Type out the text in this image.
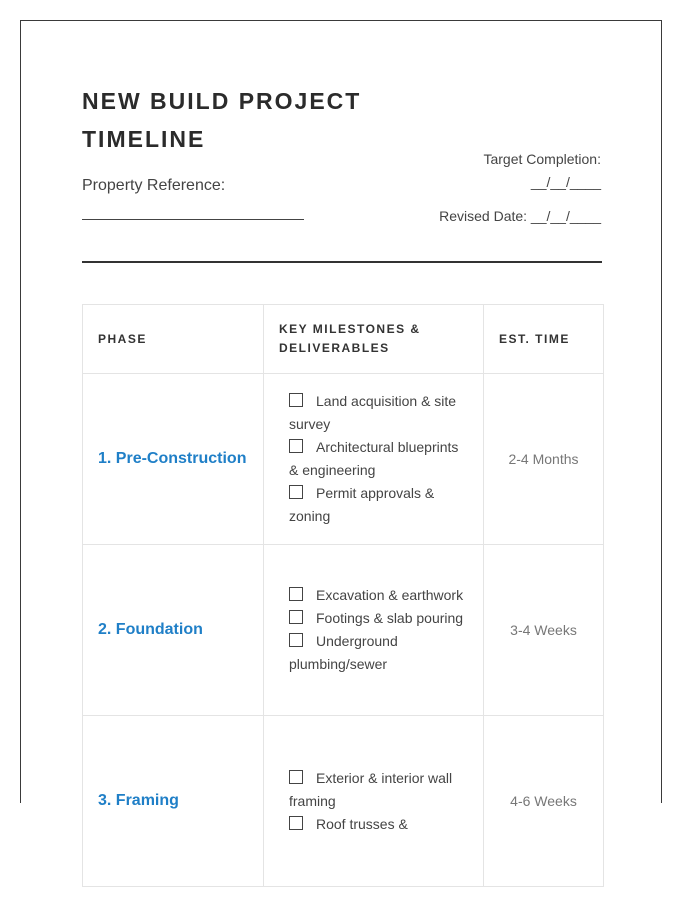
NEW BUILD PROJECT TIMELINE
Property Reference:
Target Completion:
__/__/____
Revised Date: __/__/____
PHASE	KEY MILESTONES & DELIVERABLES	EST. TIME
1. Pre-Construction	Land acquisition & site survey
Architectural blueprints & engineering
Permit approvals & zoning	2-4 Months
2. Foundation	Excavation & earthwork
Footings & slab pouring
Underground plumbing/sewer	3-4 Weeks
3. Framing	Exterior & interior wall framing
Roof trusses &	4-6 Weeks
